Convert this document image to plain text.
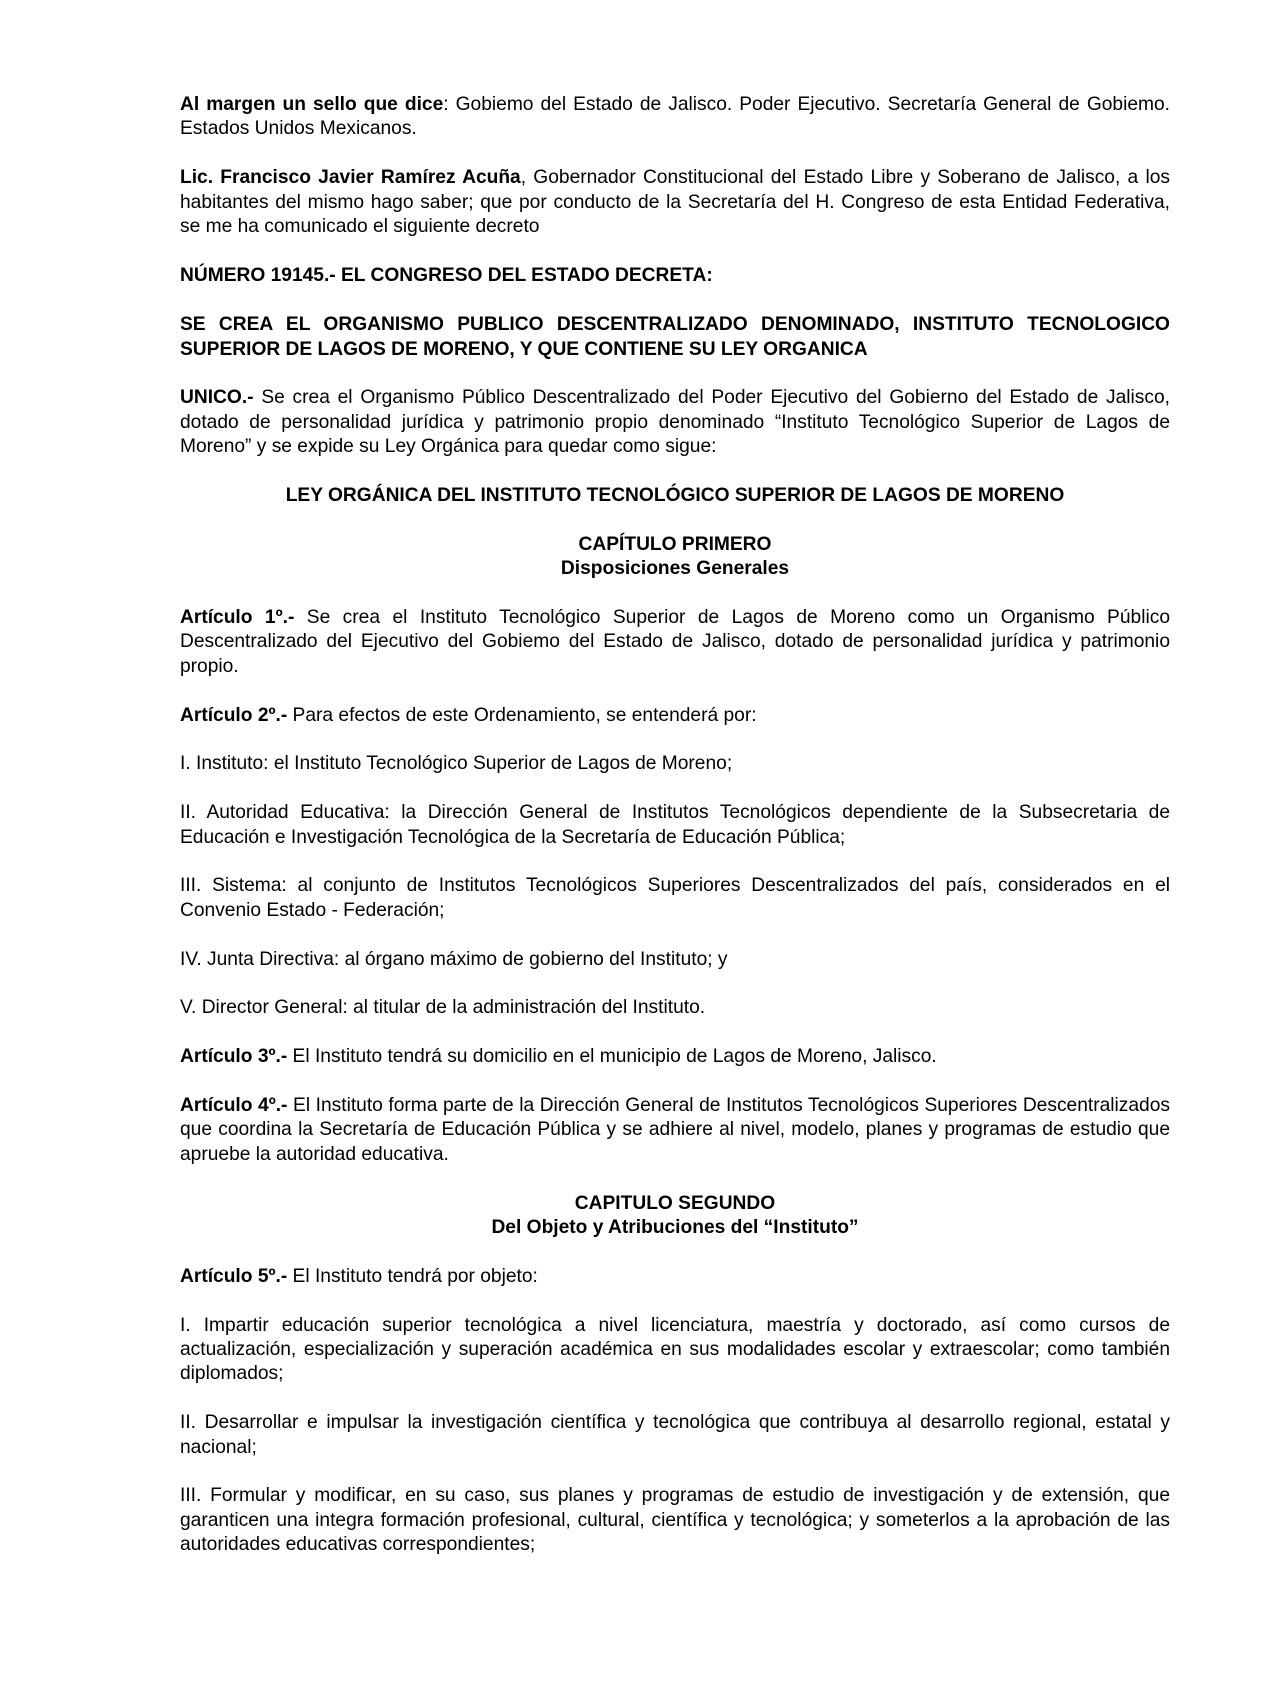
Al margen un sello que dice: Gobiemo del Estado de Jalisco. Poder Ejecutivo. Secretaría General de Gobiemo. Estados Unidos Mexicanos.

Lic. Francisco Javier Ramírez Acuña, Gobernador Constitucional del Estado Libre y Soberano de Jalisco, a los habitantes del mismo hago saber; que por conducto de la Secretaría del H. Congreso de esta Entidad Federativa, se me ha comunicado el siguiente decreto

NÚMERO 19145.- EL CONGRESO DEL ESTADO DECRETA:

SE CREA EL ORGANISMO PUBLICO DESCENTRALIZADO DENOMINADO, INSTITUTO TECNOLOGICO SUPERIOR DE LAGOS DE MORENO, Y QUE CONTIENE SU LEY ORGANICA

UNICO.- Se crea el Organismo Público Descentralizado del Poder Ejecutivo del Gobierno del Estado de Jalisco, dotado de personalidad jurídica y patrimonio propio denominado “Instituto Tecnológico Superior de Lagos de Moreno” y se expide su Ley Orgánica para quedar como sigue:

LEY ORGÁNICA DEL INSTITUTO TECNOLÓGICO SUPERIOR DE LAGOS DE MORENO

CAPÍTULO PRIMERO

Disposiciones Generales

Artículo 1º.- Se crea el Instituto Tecnológico Superior de Lagos de Moreno como un Organismo Público Descentralizado del Ejecutivo del Gobiemo del Estado de Jalisco, dotado de personalidad jurídica y patrimonio propio.

Artículo 2º.- Para efectos de este Ordenamiento, se entenderá por:

I. Instituto: el Instituto Tecnológico Superior de Lagos de Moreno;

II. Autoridad Educativa: la Dirección General de Institutos Tecnológicos dependiente de la Subsecretaria de Educación e Investigación Tecnológica de la Secretaría de Educación Pública;

III. Sistema: al conjunto de Institutos Tecnológicos Superiores Descentralizados del país, considerados en el Convenio Estado - Federación;

IV. Junta Directiva: al órgano máximo de gobierno del Instituto; y

V. Director General: al titular de la administración del Instituto.

Artículo 3º.- El Instituto tendrá su domicilio en el municipio de Lagos de Moreno, Jalisco.

Artículo 4º.- El Instituto forma parte de la Dirección General de Institutos Tecnológicos Superiores Descentralizados que coordina la Secretaría de Educación Pública y se adhiere al nivel, modelo, planes y programas de estudio que apruebe la autoridad educativa.

CAPITULO SEGUNDO

Del Objeto y Atribuciones del “Instituto”

Artículo 5º.- El Instituto tendrá por objeto:

I. Impartir educación superior tecnológica a nivel licenciatura, maestría y doctorado, así como cursos de actualización, especialización y superación académica en sus modalidades escolar y extraescolar; como también diplomados;

II. Desarrollar e impulsar la investigación científica y tecnológica que contribuya al desarrollo regional, estatal y nacional;

III. Formular y modificar, en su caso, sus planes y programas de estudio de investigación y de extensión, que garanticen una integra formación profesional, cultural, científica y tecnológica; y someterlos a la aprobación de las autoridades educativas correspondientes;
